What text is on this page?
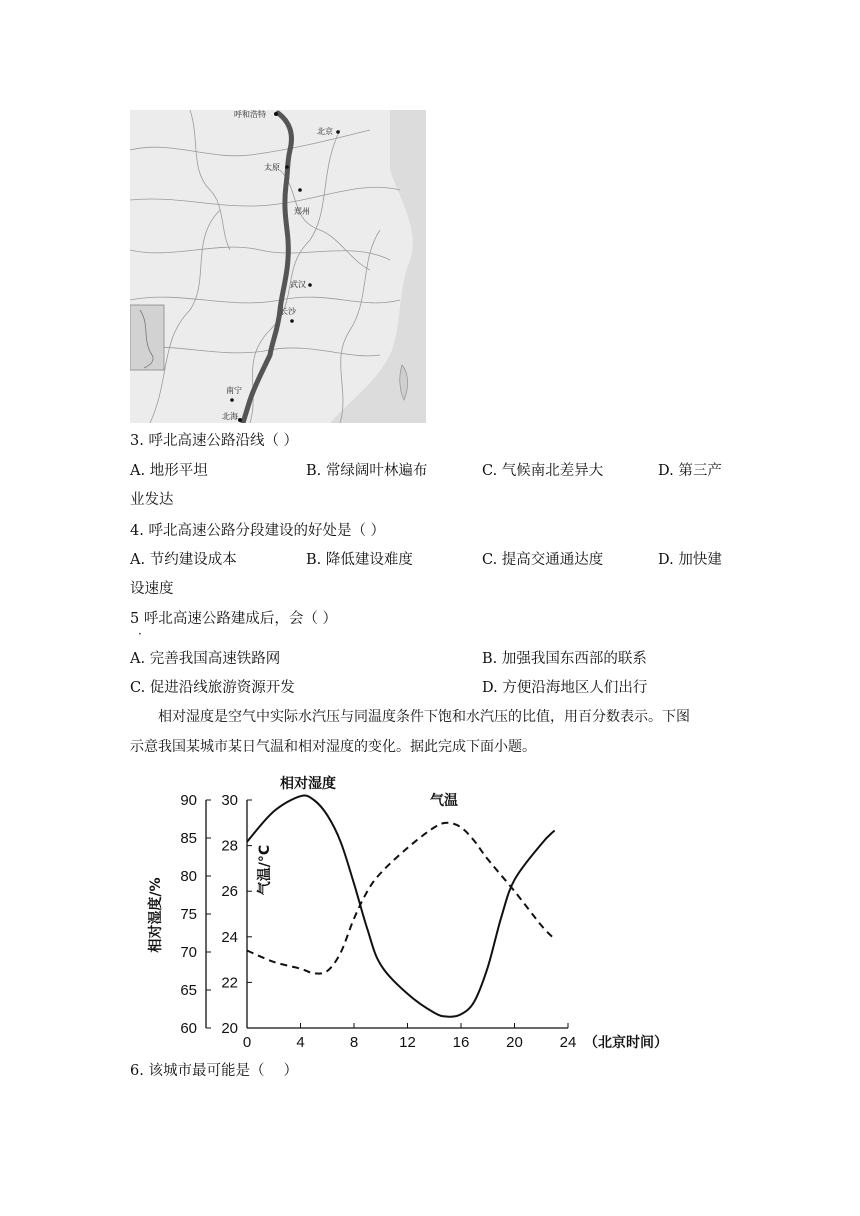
呼和浩特
北京
太原
郑州
武汉
长沙
南宁
北海
3. 呼北高速公路沿线（ ）
A. 地形平坦	B. 常绿阔叶林遍布	C. 气候南北差异大	D. 第三产
业发达
4. 呼北高速公路分段建设的好处是（ ）
A. 节约建设成本	B. 降低建设难度	C. 提高交通通达度	D. 加快建
设速度
5 呼北高速公路建成后，会（ ）
·
A. 完善我国高速铁路网	B. 加强我国东西部的联系
C. 促进沿线旅游资源开发	D. 方便沿海地区人们出行
相对湿度是空气中实际水汽压与同温度条件下饱和水汽压的比值，用百分数表示。下图
示意我国某城市某日气温和相对湿度的变化。据此完成下面小题。
90
85
80
75
70
65
60
30
28
26
24
22
20
0	4	8	12 16 20 24
相对湿度/%
气温/°C
（北京时间）
相对湿度
气温
6. 该城市最可能是（　 ）
